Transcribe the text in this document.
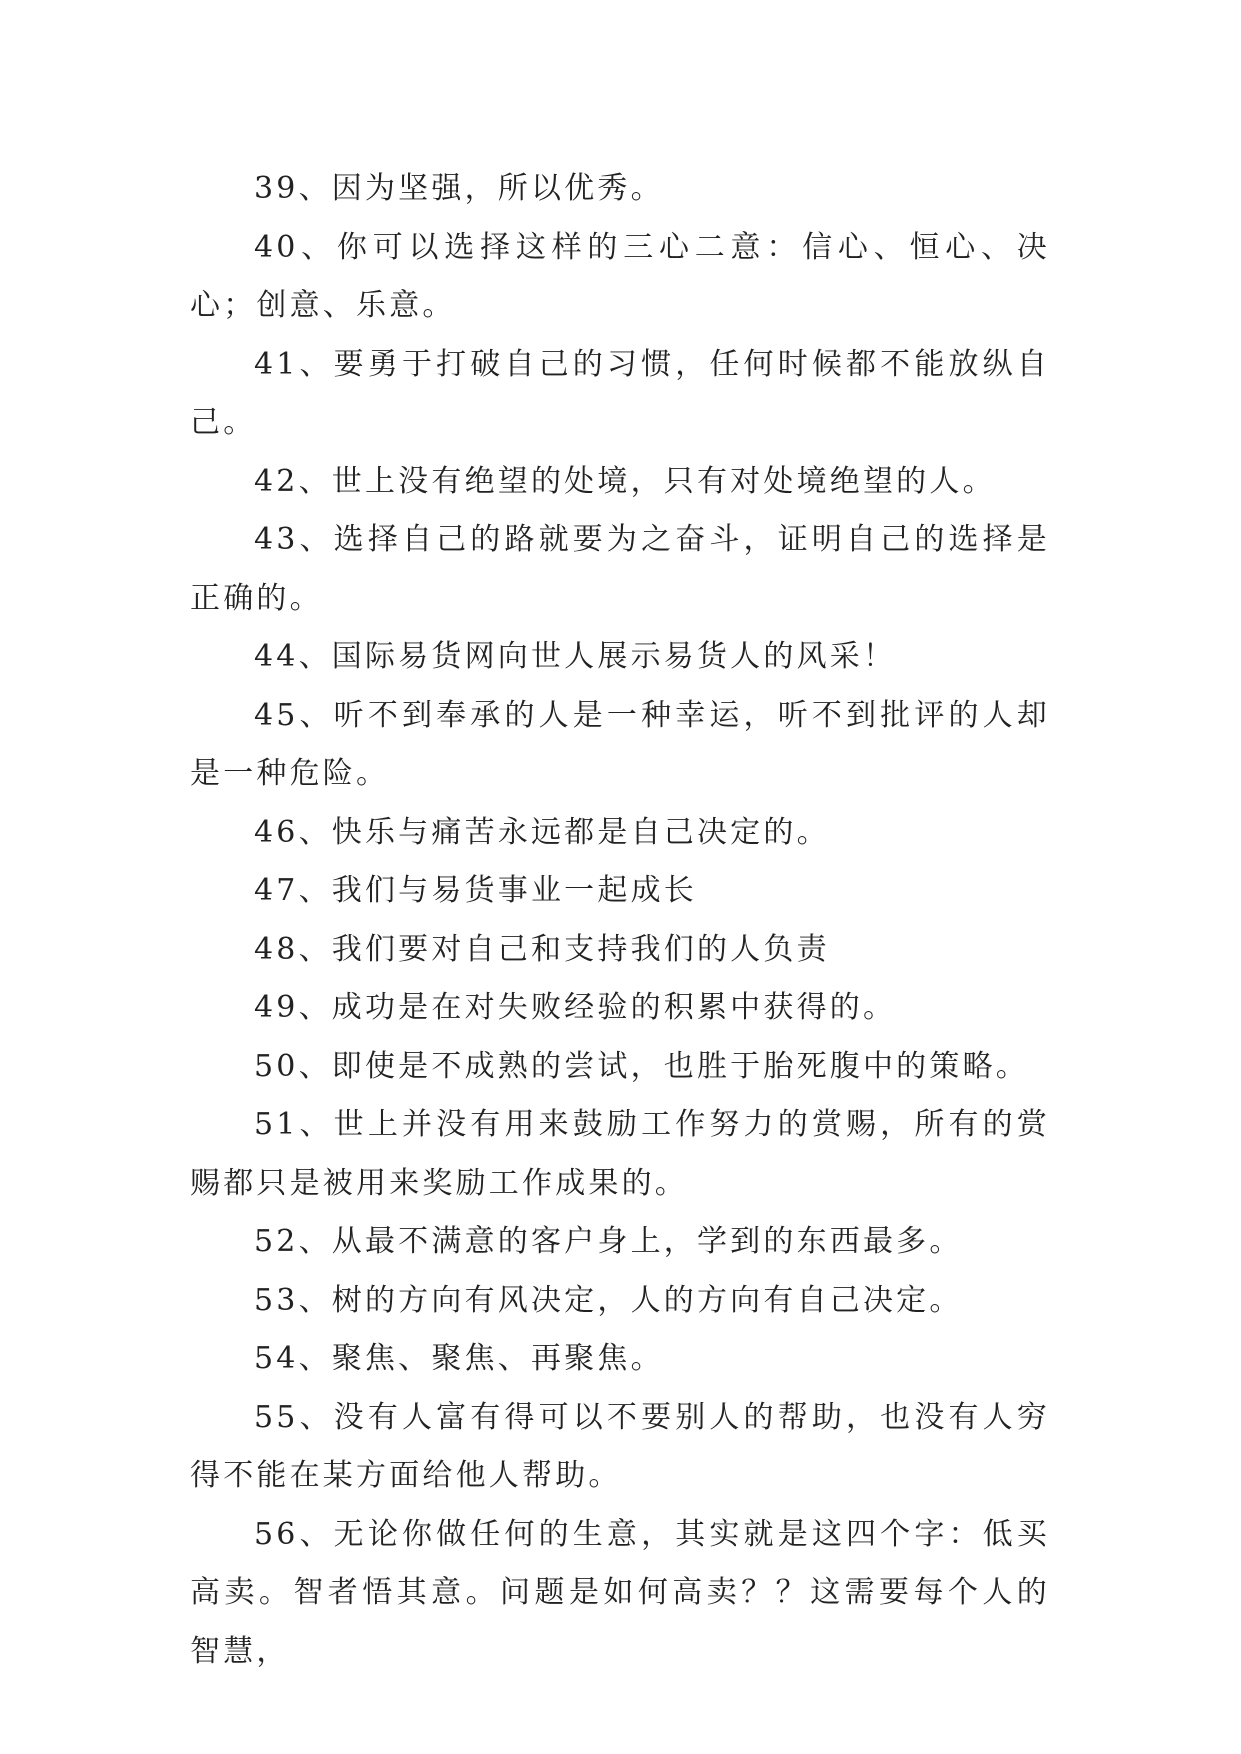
39、因为坚强，所以优秀。

40、你可以选择这样的三心二意：信心、恒心、决心；创意、乐意。

41、要勇于打破自己的习惯，任何时候都不能放纵自己。

42、世上没有绝望的处境，只有对处境绝望的人。

43、选择自己的路就要为之奋斗，证明自己的选择是正确的。

44、国际易货网向世人展示易货人的风采！

45、听不到奉承的人是一种幸运，听不到批评的人却是一种危险。

46、快乐与痛苦永远都是自己决定的。

47、我们与易货事业一起成长

48、我们要对自己和支持我们的人负责

49、成功是在对失败经验的积累中获得的。

50、即使是不成熟的尝试，也胜于胎死腹中的策略。

51、世上并没有用来鼓励工作努力的赏赐，所有的赏赐都只是被用来奖励工作成果的。

52、从最不满意的客户身上，学到的东西最多。

53、树的方向有风决定，人的方向有自己决定。

54、聚焦、聚焦、再聚焦。

55、没有人富有得可以不要别人的帮助，也没有人穷得不能在某方面给他人帮助。

56、无论你做任何的生意，其实就是这四个字：低买高卖。智者悟其意。问题是如何高卖？？这需要每个人的智慧，
